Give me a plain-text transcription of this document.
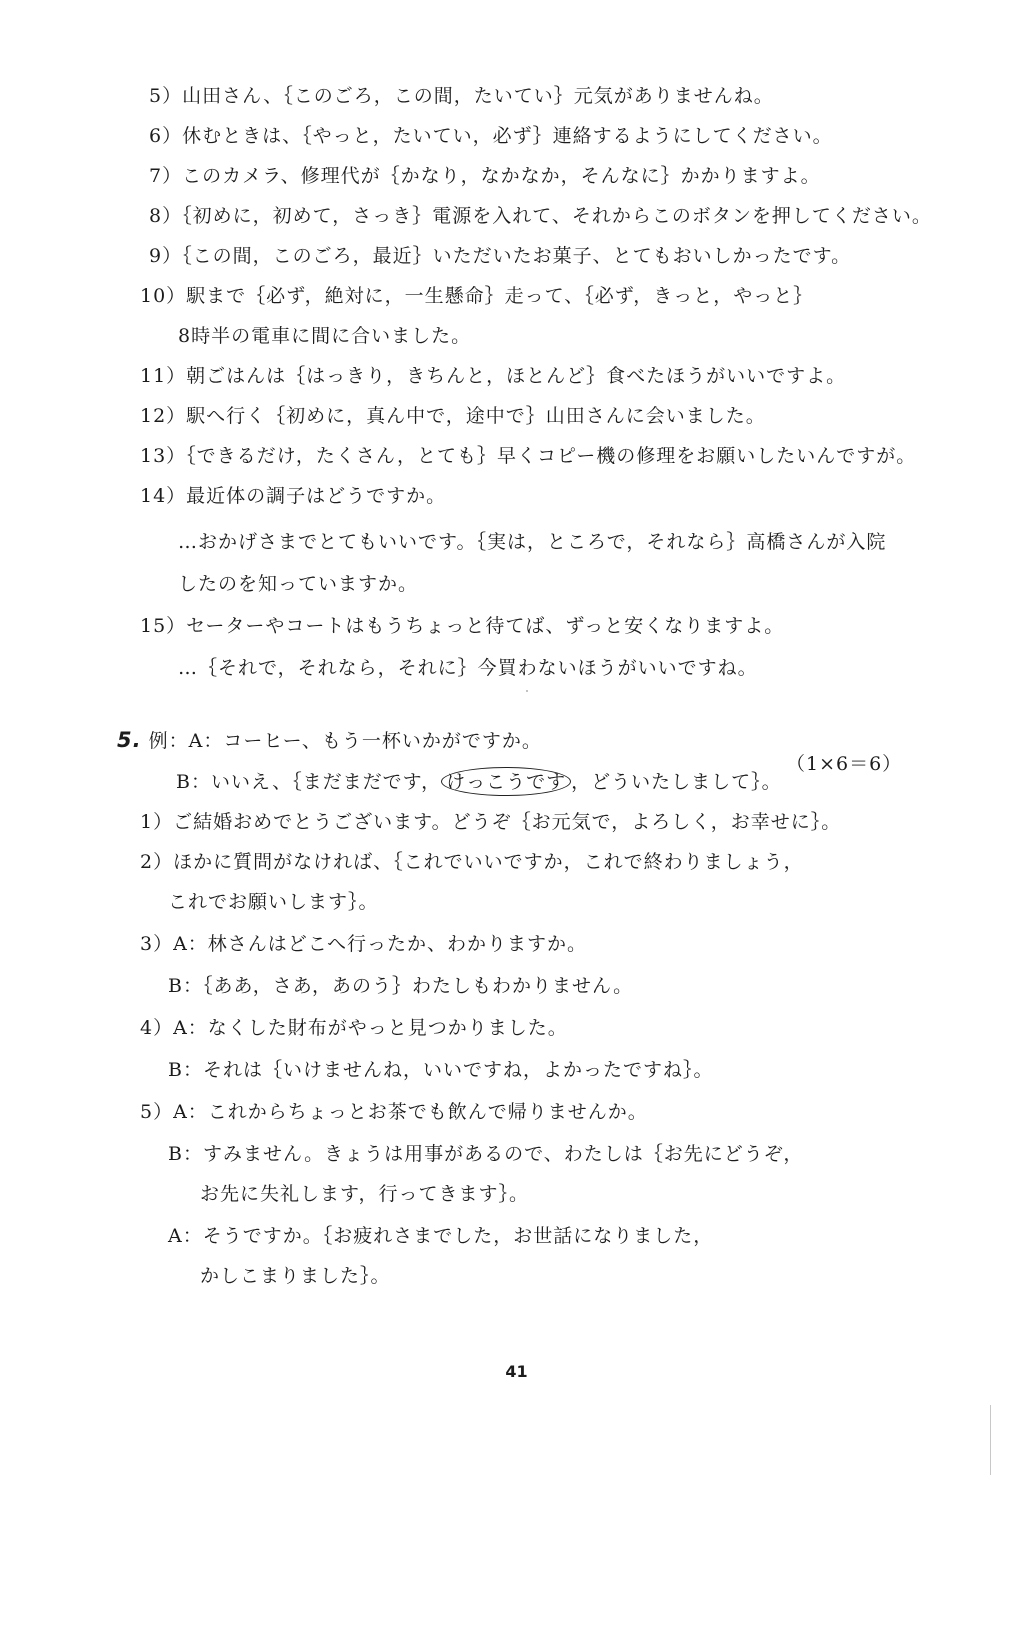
5）山田さん、｛このごろ，この間，たいてい｝元気がありませんね。
6）休むときは、｛やっと，たいてい，必ず｝連絡するようにしてください。
7）このカメラ、修理代が｛かなり，なかなか，そんなに｝かかりますよ。
8）｛初めに，初めて，さっき｝電源を入れて、それからこのボタンを押してください。
9）｛この間，このごろ，最近｝いただいたお菓子、とてもおいしかったです。
10）駅まで｛必ず，絶対に，一生懸命｝走って、｛必ず，きっと，やっと｝
8時半の電車に間に合いました。
11）朝ごはんは｛はっきり，きちんと，ほとんど｝食べたほうがいいですよ。
12）駅へ行く｛初めに，真ん中で，途中で｝山田さんに会いました。
13）｛できるだけ，たくさん，とても｝早くコピー機の修理をお願いしたいんですが。
14）最近体の調子はどうですか。
…おかげさまでとてもいいです。｛実は，ところで，それなら｝高橋さんが入院
したのを知っていますか。
15）セーターやコートはもうちょっと待てば、ずっと安くなりますよ。
…｛それで，それなら，それに｝今買わないほうがいいですね。
5. 例：A：コーヒー、もう一杯いかがですか。
（1×6＝6）
B：いいえ、｛まだまだです， けっこうです ，どういたしまして｝。
1）ご結婚おめでとうございます。どうぞ｛お元気で，よろしく，お幸せに｝。
2）ほかに質問がなければ、｛これでいいですか，これで終わりましょう，
これでお願いします｝。
3）A：林さんはどこへ行ったか、わかりますか。
B：｛ああ，さあ，あのう｝わたしもわかりません。
4）A：なくした財布がやっと見つかりました。
B：それは｛いけませんね，いいですね，よかったですね｝。
5）A：これからちょっとお茶でも飲んで帰りませんか。
B：すみません。きょうは用事があるので、わたしは｛お先にどうぞ，
お先に失礼します，行ってきます｝。
A：そうですか。｛お疲れさまでした，お世話になりました，
かしこまりました｝。
41
